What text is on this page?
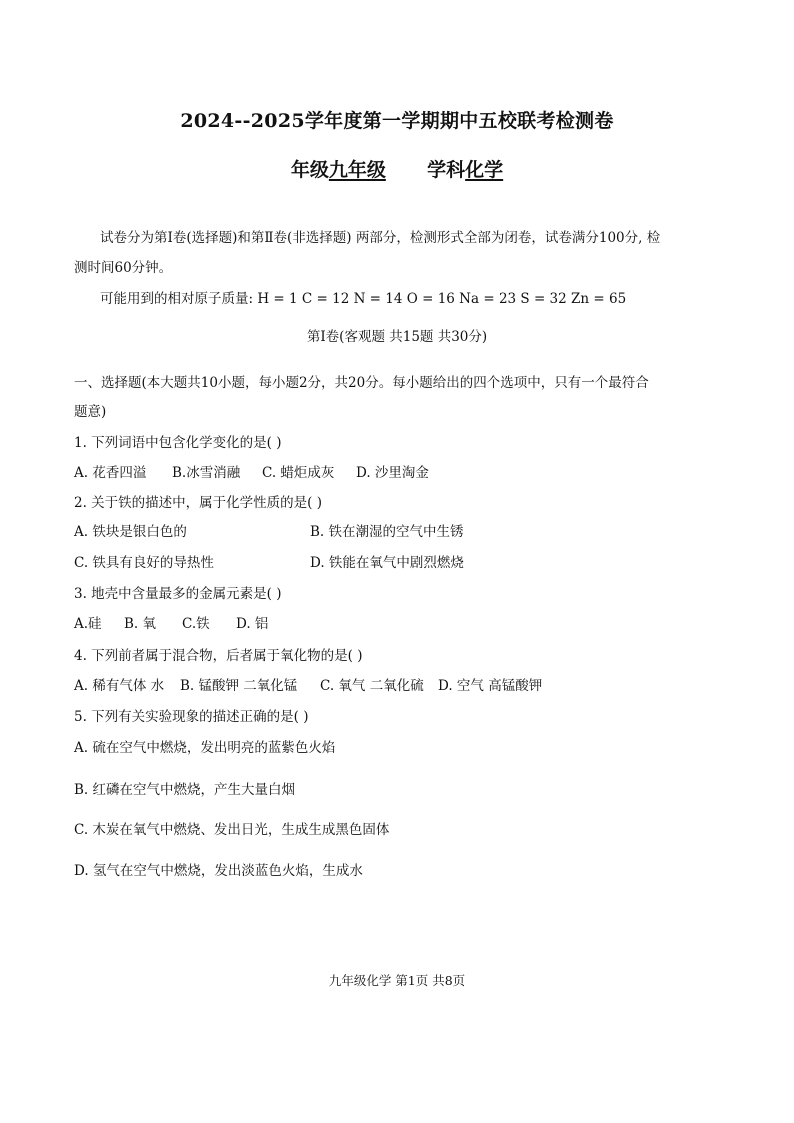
2024--2025学年度第一学期期中五校联考检测卷
年级九年级 学科化学
试卷分为第Ⅰ卷(选择题)和第Ⅱ卷(非选择题) 两部分，检测形式全部为闭卷，试卷满分100分, 检
测时间60分钟。
可能用到的相对原子质量: H = 1 C = 12 N = 14 O = 16 Na = 23 S = 32 Zn = 65
第Ⅰ卷(客观题 共15题 共30分)
一、选择题(本大题共10小题，每小题2分，共20分。每小题给出的四个选项中，只有一个最符合
题意)
1. 下列词语中包含化学变化的是( )
A. 花香四溢 B.冰雪消融 C. 蜡炬成灰 D. 沙里淘金
2. 关于铁的描述中，属于化学性质的是( )
A. 铁块是银白色的	B. 铁在潮湿的空气中生锈
C. 铁具有良好的导热性	D. 铁能在氧气中剧烈燃烧
3. 地壳中含量最多的金属元素是( )
A.硅 B. 氧 C.铁 D. 铝
4. 下列前者属于混合物，后者属于氧化物的是( )
A. 稀有气体 水 B. 锰酸钾 二氧化锰 C. 氧气 二氧化硫 D. 空气 高锰酸钾
5. 下列有关实验现象的描述正确的是( )
A. 硫在空气中燃烧，发出明亮的蓝紫色火焰
B. 红磷在空气中燃烧，产生大量白烟
C. 木炭在氧气中燃烧、发出日光，生成生成黑色固体
D. 氢气在空气中燃烧，发出淡蓝色火焰，生成水
九年级化学 第1页 共8页
